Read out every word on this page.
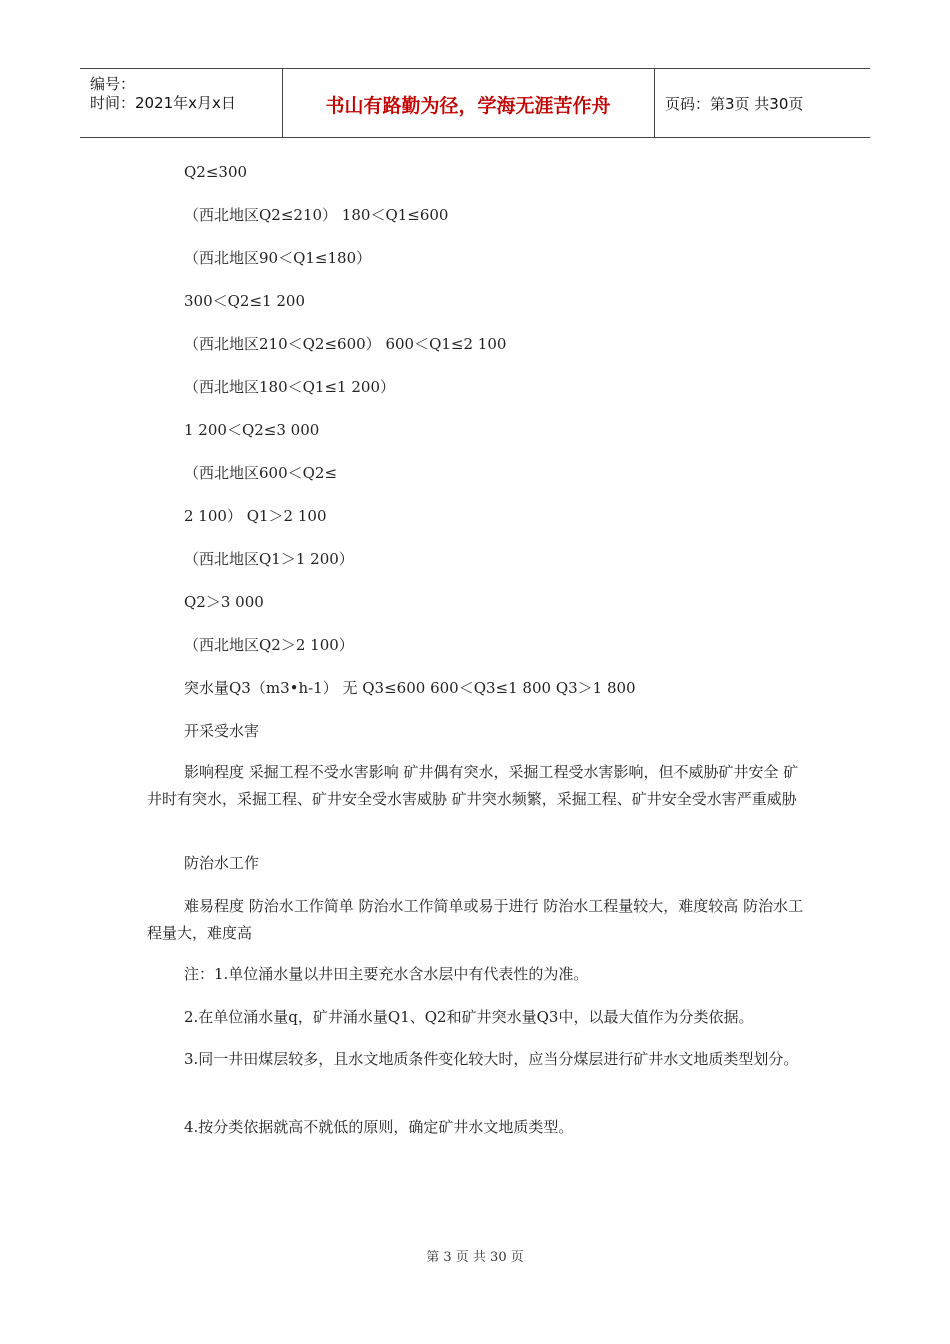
编号：
时间：2021年x月x日	书山有路勤为径，学海无涯苦作舟	页码：第3页 共30页
Q2≤300
（西北地区Q2≤210） 180＜Q1≤600
（西北地区90＜Q1≤180）
300＜Q2≤1 200
（西北地区210＜Q2≤600） 600＜Q1≤2 100
（西北地区180＜Q1≤1 200）
1 200＜Q2≤3 000
（西北地区600＜Q2≤
2 100） Q1＞2 100
（西北地区Q1＞1 200）
Q2＞3 000
（西北地区Q2＞2 100）
突水量Q3（m3•h-1） 无 Q3≤600 600＜Q3≤1 800 Q3＞1 800
开采受水害
影响程度 采掘工程不受水害影响 矿井偶有突水，采掘工程受水害影响，但不威胁矿井安全 矿井时有突水，采掘工程、矿井安全受水害威胁 矿井突水频繁，采掘工程、矿井安全受水害严重威胁
防治水工作
难易程度 防治水工作简单 防治水工作简单或易于进行 防治水工程量较大，难度较高 防治水工程量大，难度高
注：1.单位涌水量以井田主要充水含水层中有代表性的为准。
2.在单位涌水量q，矿井涌水量Q1、Q2和矿井突水量Q3中，以最大值作为分类依据。
3.同一井田煤层较多，且水文地质条件变化较大时，应当分煤层进行矿井水文地质类型划分。
4.按分类依据就高不就低的原则，确定矿井水文地质类型。
第 3 页 共 30 页
